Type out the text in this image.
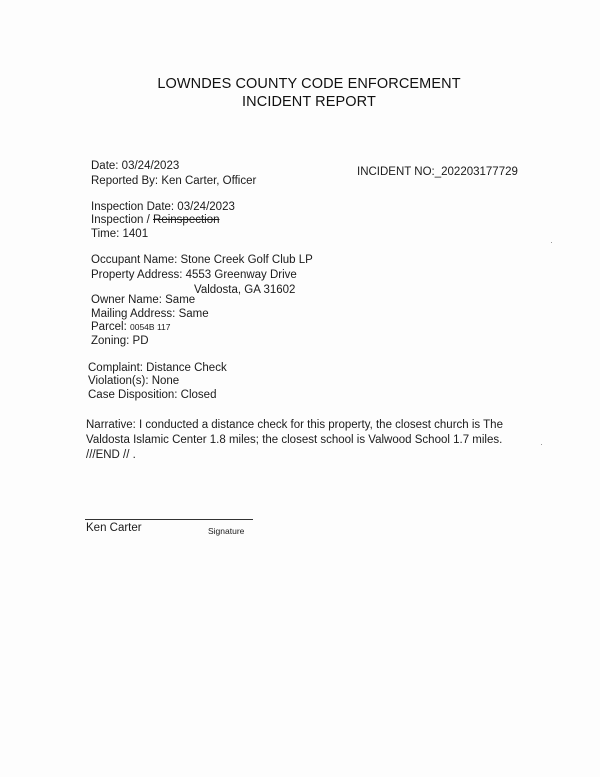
LOWNDES COUNTY CODE ENFORCEMENT
INCIDENT REPORT
Date: 03/24/2023
Reported By: Ken Carter, Officer
INCIDENT NO:_202203177729
Inspection Date: 03/24/2023
Inspection / Reinspection
Time: 1401
Occupant Name: Stone Creek Golf Club LP
Property Address: 4553 Greenway Drive
Valdosta, GA 31602
Owner Name: Same
Mailing Address: Same
Parcel: 0054B 117
Zoning: PD
Complaint: Distance Check
Violation(s): None
Case Disposition: Closed
Narrative: I conducted a distance check for this property, the closest church is The Valdosta Islamic Center 1.8 miles; the closest school is Valwood School 1.7 miles. ///END // .
Ken Carter	Signature
